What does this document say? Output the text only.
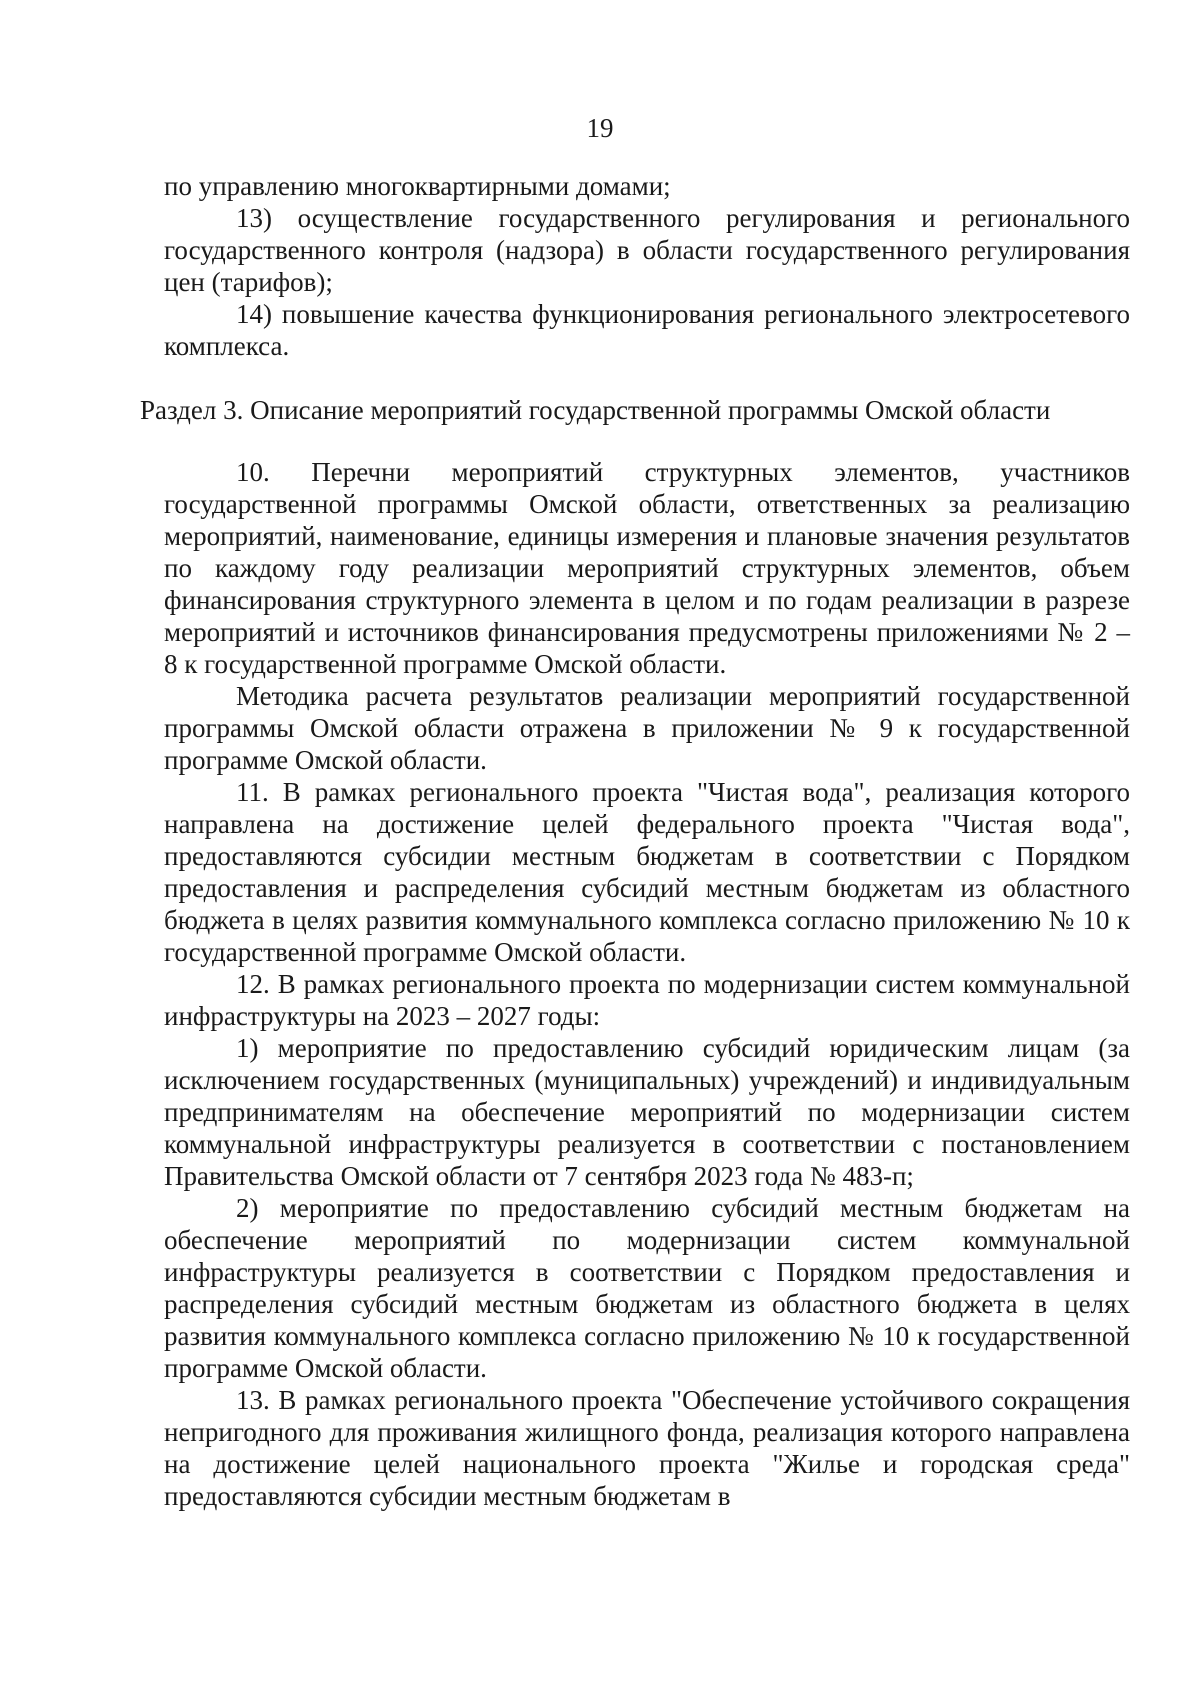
19

по управлению многоквартирными домами;

13) осуществление государственного регулирования и регионального государственного контроля (надзора) в области государственного регулирования цен (тарифов);

14) повышение качества функционирования регионального электросетевого комплекса.

Раздел 3. Описание мероприятий государственной программы Омской области

10. Перечни мероприятий структурных элементов, участников государственной программы Омской области, ответственных за реализацию мероприятий, наименование, единицы измерения и плановые значения результатов по каждому году реализации мероприятий структурных элементов, объем финансирования структурного элемента в целом и по годам реализации в разрезе мероприятий и источников финансирования предусмотрены приложениями № 2 – 8 к государственной программе Омской области.

Методика расчета результатов реализации мероприятий государственной программы Омской области отражена в приложении № 9 к государственной программе Омской области.

11. В рамках регионального проекта "Чистая вода", реализация которого направлена на достижение целей федерального проекта "Чистая вода", предоставляются субсидии местным бюджетам в соответствии с Порядком предоставления и распределения субсидий местным бюджетам из областного бюджета в целях развития коммунального комплекса согласно приложению № 10 к государственной программе Омской области.

12. В рамках регионального проекта по модернизации систем коммунальной инфраструктуры на 2023 – 2027 годы:

1) мероприятие по предоставлению субсидий юридическим лицам (за исключением государственных (муниципальных) учреждений) и индивидуальным предпринимателям на обеспечение мероприятий по модернизации систем коммунальной инфраструктуры реализуется в соответствии с постановлением Правительства Омской области от 7 сентября 2023 года № 483-п;

2) мероприятие по предоставлению субсидий местным бюджетам на обеспечение мероприятий по модернизации систем коммунальной инфраструктуры реализуется в соответствии с Порядком предоставления и распределения субсидий местным бюджетам из областного бюджета в целях развития коммунального комплекса согласно приложению № 10 к государственной программе Омской области.

13. В рамках регионального проекта "Обеспечение устойчивого сокращения непригодного для проживания жилищного фонда, реализация которого направлена на достижение целей национального проекта "Жилье и городская среда" предоставляются субсидии местным бюджетам в
